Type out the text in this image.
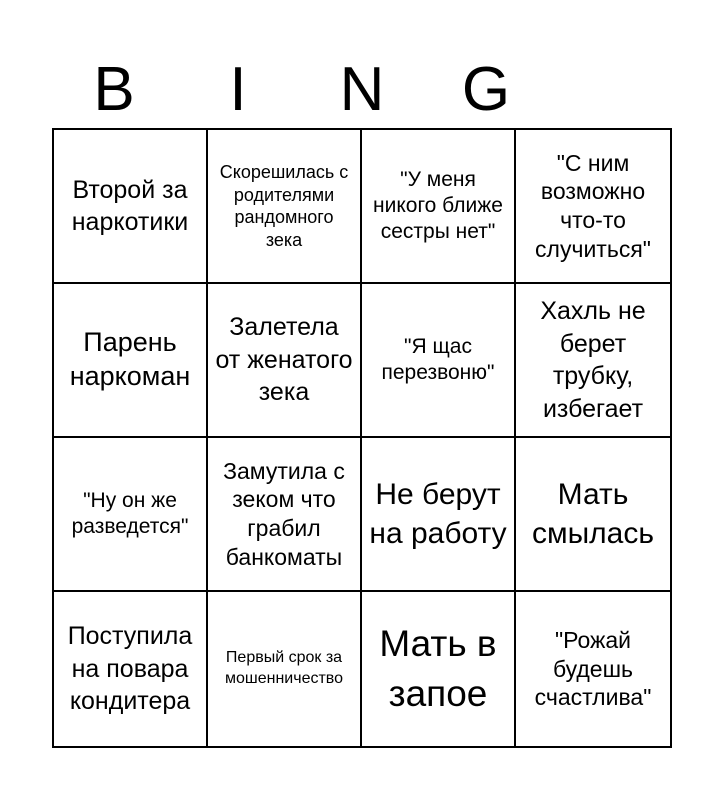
B	I	N	G
Второй за наркотики
Скорешилась с родителями рандомного зека
"У меня никого ближе сестры нет"
"С ним возможно что-то случиться"
Парень наркоман
Залетела от женатого зека
"Я щас перезвоню"
Хахль не берет трубку, избегает
"Ну он же разведется"
Замутила с зеком что грабил банкоматы
Не берут на работу
Мать смылась
Поступила на повара кондитера
Первый срок за мошенничество
Мать в запое
"Рожай будешь счастлива"
